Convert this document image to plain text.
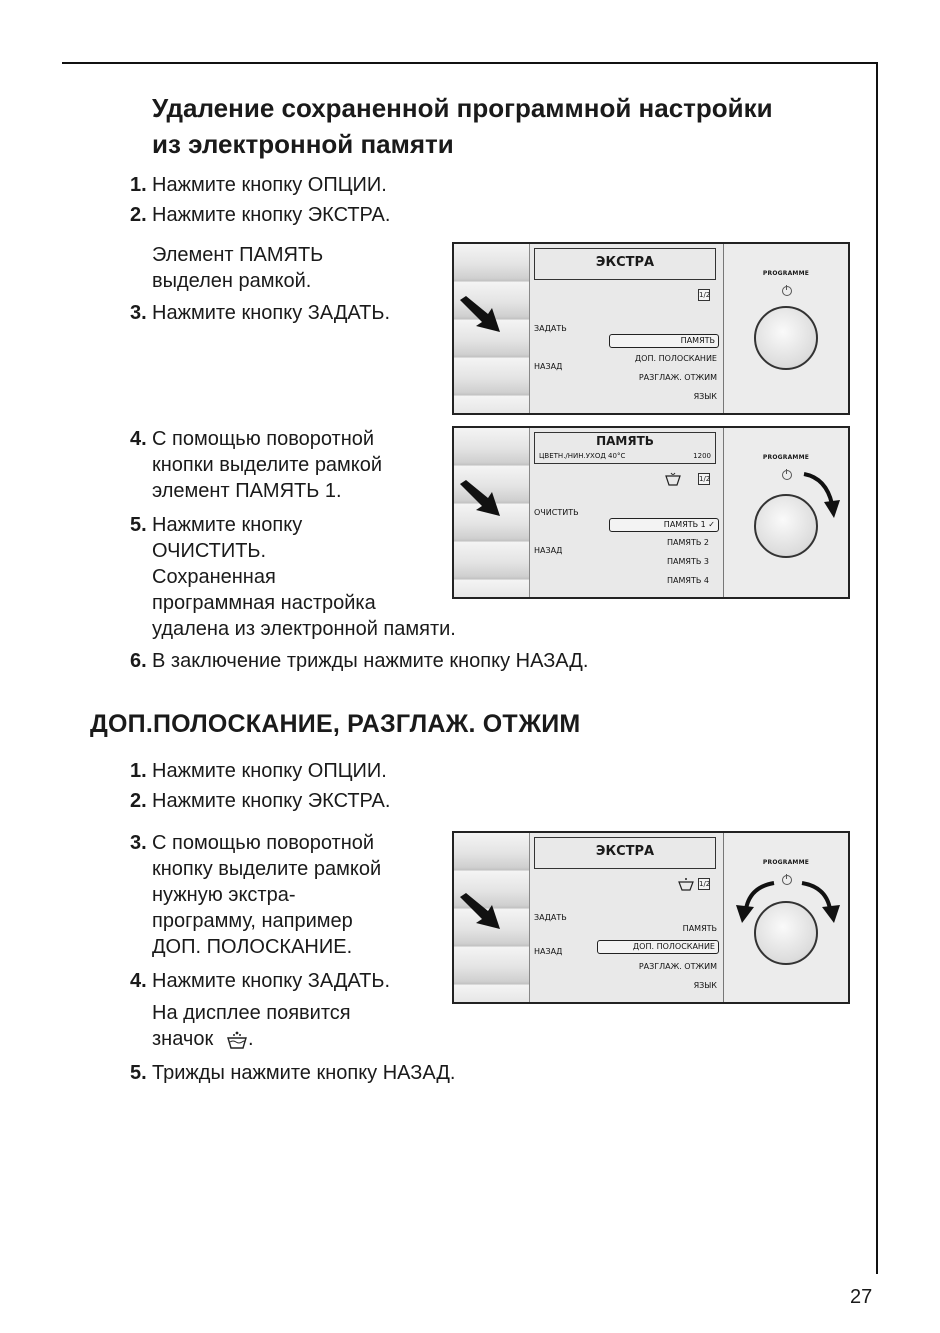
Удаление сохраненной программной настройки
из электронной памяти
1. Нажмите кнопку ОПЦИИ.
2. Нажмите кнопку ЭКСТРА.
Элемент ПАМЯТЬ
выделен рамкой.
3. Нажмите кнопку ЗАДАТЬ.
4. С помощью поворотной
кнопки выделите рамкой
элемент ПАМЯТЬ 1.
5. Нажмите кнопку
ОЧИСТИТЬ.
Сохраненная
программная настройка
удалена из электронной памяти.
6. В заключение трижды нажмите кнопку НАЗАД.
ДОП.ПОЛОСКАНИЕ, РАЗГЛАЖ. ОТЖИМ
1. Нажмите кнопку ОПЦИИ.
2. Нажмите кнопку ЭКСТРА.
3. С помощью поворотной
кнопку выделите рамкой
нужную экстра-
программу, например
ДОП. ПОЛОСКАНИЕ.
4. Нажмите кнопку ЗАДАТЬ.
На дисплее появится
значок .
5. Трижды нажмите кнопку НАЗАД.
ЭКСТРА
1/2
ЗАДАТЬ
НАЗАД
ПАМЯТЬ
ДОП. ПОЛОСКАНИЕ
РАЗГЛАЖ. ОТЖИМ
ЯЗЫК
PROGRAMME
ПАМЯТЬ
ЦВЕТН./НИН.УХОД 40°C	1200
1/2
ОЧИСТИТЬ
НАЗАД
ПАМЯТЬ 1 ✓
ПАМЯТЬ 2
ПАМЯТЬ 3
ПАМЯТЬ 4
PROGRAMME
ЭКСТРА
1/2
ЗАДАТЬ
НАЗАД
ПАМЯТЬ
ДОП. ПОЛОСКАНИЕ
РАЗГЛАЖ. ОТЖИМ
ЯЗЫК
PROGRAMME
27
